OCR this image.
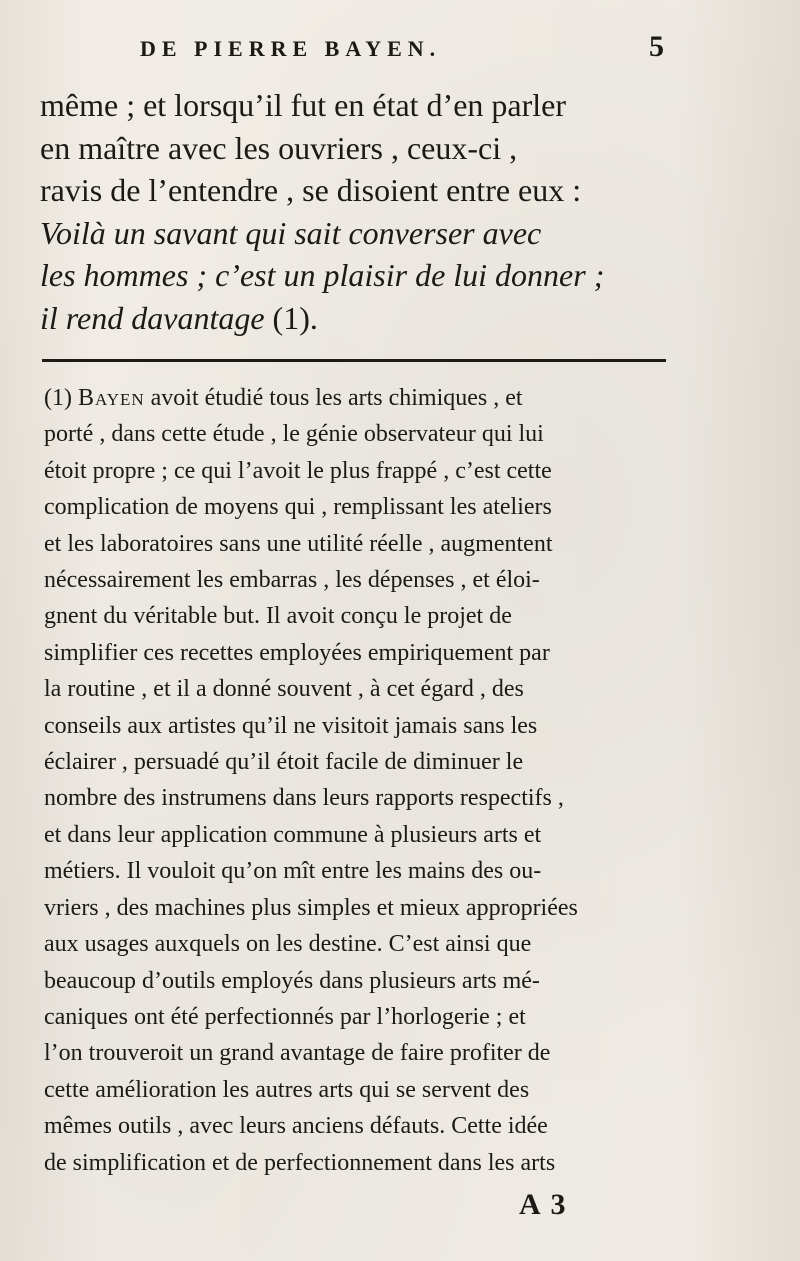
DE PIERRE BAYEN.	5
même ; et lorsqu’il fut en état d’en parler
en maître avec les ouvriers , ceux-ci ,
ravis de l’entendre , se disoient entre eux :
Voilà un savant qui sait converser avec
les hommes ; c’est un plaisir de lui donner ;
il rend davantage (1).
(1) Bayen avoit étudié tous les arts chimiques , et
porté , dans cette étude , le génie observateur qui lui
étoit propre ; ce qui l’avoit le plus frappé , c’est cette
complication de moyens qui , remplissant les ateliers
et les laboratoires sans une utilité réelle , augmentent
nécessairement les embarras , les dépenses , et éloi-
gnent du véritable but. Il avoit conçu le projet de
simplifier ces recettes employées empiriquement par
la routine , et il a donné souvent , à cet égard , des
conseils aux artistes qu’il ne visitoit jamais sans les
éclairer , persuadé qu’il étoit facile de diminuer le
nombre des instrumens dans leurs rapports respectifs ,
et dans leur application commune à plusieurs arts et
métiers. Il vouloit qu’on mît entre les mains des ou-
vriers , des machines plus simples et mieux appropriées
aux usages auxquels on les destine. C’est ainsi que
beaucoup d’outils employés dans plusieurs arts mé-
caniques ont été perfectionnés par l’horlogerie ; et
l’on trouveroit un grand avantage de faire profiter de
cette amélioration les autres arts qui se servent des
mêmes outils , avec leurs anciens défauts. Cette idée
de simplification et de perfectionnement dans les arts
A 3
